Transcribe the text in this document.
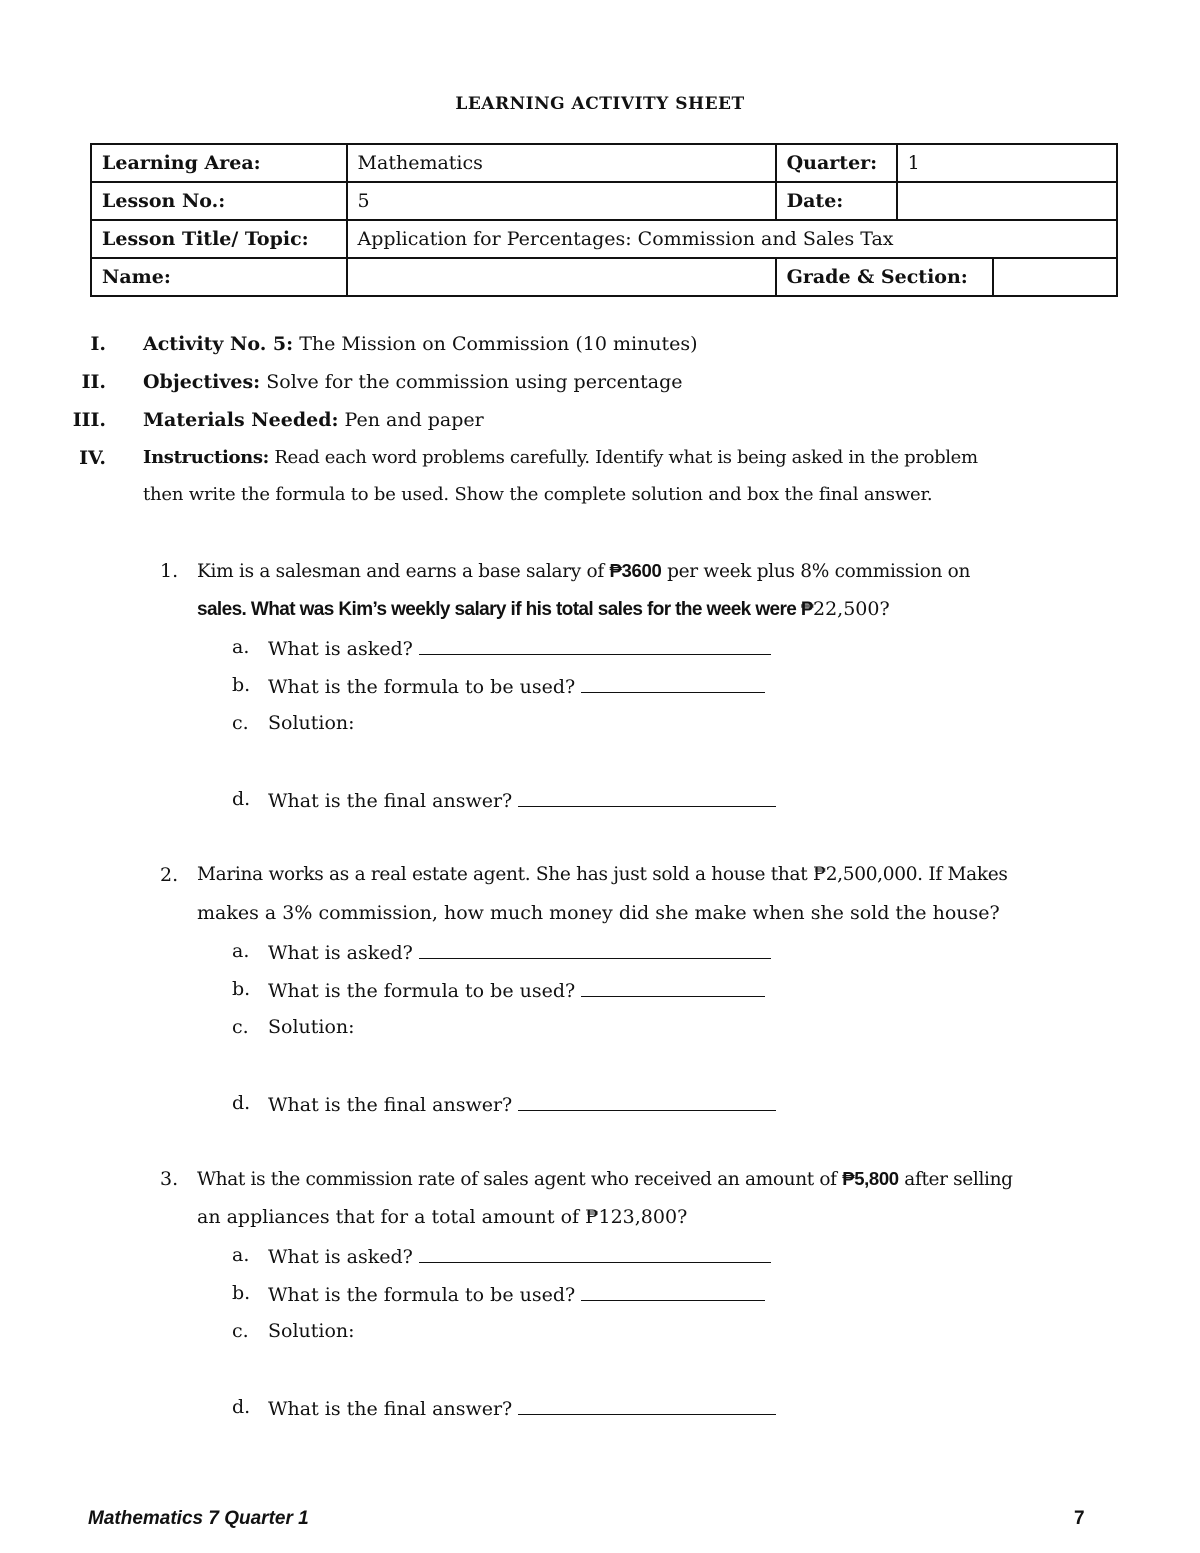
LEARNING ACTIVITY SHEET
Learning Area:	Mathematics	Quarter:	1	
Lesson No.:	5	Date:		
Lesson Title/ Topic:	Application for Percentages: Commission and Sales Tax			
Name:		Grade & Section:		
I. Activity No. 5: The Mission on Commission (10 minutes)
II. Objectives: Solve for the commission using percentage
III. Materials Needed: Pen and paper
IV. Instructions: Read each word problems carefully. Identify what is being asked in the problem
then write the formula to be used. Show the complete solution and box the final answer.
1. Kim is a salesman and earns a base salary of ₱3600 per week plus 8% commission on
sales. What was Kim’s weekly salary if his total sales for the week were ₱22,500?
a. What is asked?
b. What is the formula to be used?
c. Solution:
d. What is the final answer?
2. Marina works as a real estate agent. She has just sold a house that ₱2,500,000. If Makes
makes a 3% commission, how much money did she make when she sold the house?
a. What is asked?
b. What is the formula to be used?
c. Solution:
d. What is the final answer?
3. What is the commission rate of sales agent who received an amount of ₱5,800 after selling
an appliances that for a total amount of ₱123,800?
a. What is asked?
b. What is the formula to be used?
c. Solution:
d. What is the final answer?
Mathematics 7 Quarter 1	7
